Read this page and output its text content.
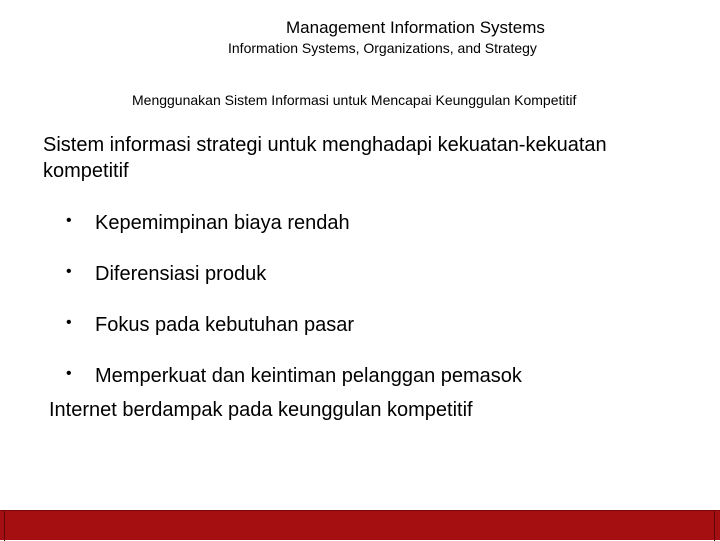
Management Information Systems

Information Systems, Organizations, and Strategy

Menggunakan Sistem Informasi untuk Mencapai Keunggulan Kompetitif

Sistem informasi strategi untuk menghadapi kekuatan-kekuatan kompetitif

• Kepemimpinan biaya rendah
• Diferensiasi produk
• Fokus pada kebutuhan pasar
• Memperkuat dan keintiman pelanggan pemasok

Internet berdampak pada keunggulan kompetitif
